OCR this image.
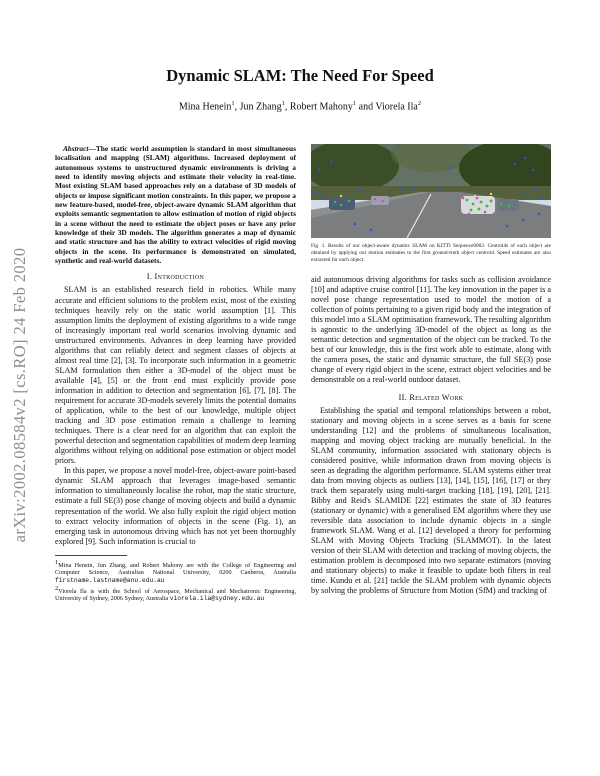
arXiv:2002.08584v2 [cs.RO] 24 Feb 2020
Dynamic SLAM: The Need For Speed
Mina Henein$^1$, Jun Zhang$^1$, Robert Mahony$^1$ and Viorela Ila$^2$

Abstract—The static world assumption is standard in most simultaneous localisation and mapping (SLAM) algorithms. Increased deployment of autonomous systems to unstructured dynamic environments is driving a need to identify moving objects and estimate their velocity in real-time. Most existing SLAM based approaches rely on a database of 3D models of objects or impose significant motion constraints. In this paper, we propose a new feature-based, model-free, object-aware dynamic SLAM algorithm that exploits semantic segmentation to allow estimation of motion of rigid objects in a scene without the need to estimate the object poses or have any prior knowledge of their 3D models. The algorithm generates a map of dynamic and static structure and has the ability to extract velocities of rigid moving objects in the scene. Its performance is demonstrated on simulated, synthetic and real-world datasets.

I. Introduction

SLAM is an established research field in robotics. While many accurate and efficient solutions to the problem exist, most of the existing techniques heavily rely on the static world assumption [1]. This assumption limits the deployment of existing algorithms to a wide range of increasingly important real world scenarios involving dynamic and unstructured environments. Advances in deep learning have provided algorithms that can reliably detect and segment classes of objects at almost real time [2], [3]. To incorporate such information in a geometric SLAM formulation then either a 3D-model of the object must be available [4], [5] or the front end must explicitly provide pose information in addition to detection and segmentation [6], [7], [8]. The requirement for accurate 3D-models severely limits the potential domains of application, while to the best of our knowledge, multiple object tracking and 3D pose estimation remain a challenge to learning techniques. There is a clear need for an algorithm that can exploit the powerful detection and segmentation capabilities of modern deep learning algorithms without relying on additional pose estimation or object model priors.

In this paper, we propose a novel model-free, object-aware point-based dynamic SLAM approach that leverages image-based semantic information to simultaneously localise the robot, map the static structure, estimate a full SE(3) pose change of moving objects and build a dynamic representation of the world. We also fully exploit the rigid object motion to extract velocity information of objects in the scene (Fig. 1), an emerging task in autonomous driving which has not yet been thoroughly explored [9]. Such information is crucial to

$^1$Mina Henein, Jun Zhang, and Robert Mahony are with the College of Engineering and Computer Science, Australian National University, 0200 Canberra, Australia firstname.lastname@anu.edu.au

$^2$Viorela Ila is with the School of Aerospace, Mechanical and Mechatronic Engineering, University of Sydney, 2006 Sydney, Australia viorela.ila@sydney.edu.au

Fig. 1. Results of our object-aware dynamic SLAM on KITTI Sequence0003. Centroids of each object are obtained by applying our motion estimates to the first ground-truth object centroid. Speed estimates are also extracted for each object.

aid autonomous driving algorithms for tasks such as collision avoidance [10] and adaptive cruise control [11]. The key innovation in the paper is a novel pose change representation used to model the motion of a collection of points pertaining to a given rigid body and the integration of this model into a SLAM optimisation framework. The resulting algorithm is agnostic to the underlying 3D-model of the object as long as the semantic detection and segmentation of the object can be tracked. To the best of our knowledge, this is the first work able to estimate, along with the camera poses, the static and dynamic structure, the full SE(3) pose change of every rigid object in the scene, extract object velocities and be demonstrable on a real-world outdoor dataset.

II. Related Work

Establishing the spatial and temporal relationships between a robot, stationary and moving objects in a scene serves as a basis for scene understanding [12] and the problems of simultaneous localisation, mapping and moving object tracking are mutually beneficial. In the SLAM community, information associated with stationary objects is considered positive, while information drawn from moving objects is seen as degrading the algorithm performance. SLAM systems either treat data from moving objects as outliers [13], [14], [15], [16], [17] or they track them separately using multi-target tracking [18], [19], [20], [21]. Bibby and Reid's SLAMIDE [22] estimates the state of 3D features (stationary or dynamic) with a generalised EM algorithm where they use reversible data association to include dynamic objects in a single framework SLAM. Wang et al. [12] developed a theory for performing SLAM with Moving Objects Tracking (SLAMMOT). In the latest version of their SLAM with detection and tracking of moving objects, the estimation problem is decomposed into two separate estimators (moving and stationary objects) to make it feasible to update both filters in real time. Kundu et al. [21] tackle the SLAM problem with dynamic objects by solving the problems of Structure from Motion (SfM) and tracking of
